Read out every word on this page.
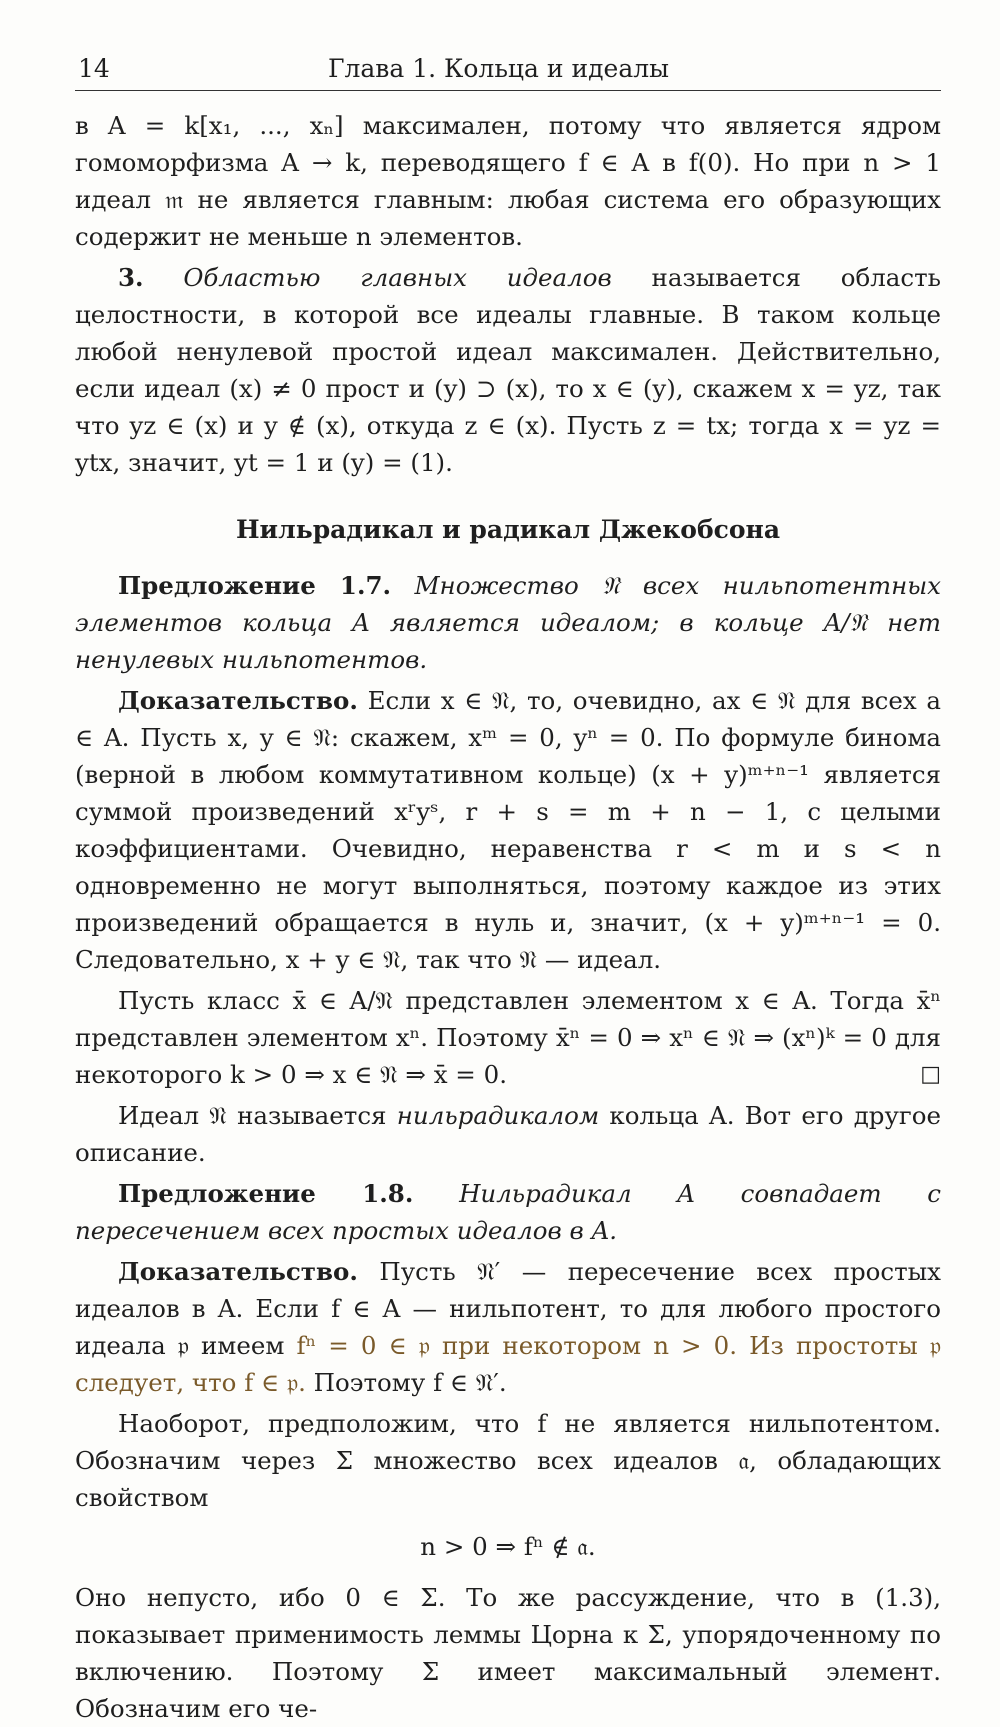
14	Глава 1. Кольца и идеалы

в A = k[x₁, ..., xₙ] максимален, потому что является ядром гомоморфизма A → k, переводящего f ∈ A в f(0). Но при n > 1 идеал 𝔪 не является главным: любая система его образующих содержит не меньше n элементов.

3. Областью главных идеалов называется область целостности, в которой все идеалы главные. В таком кольце любой ненулевой простой идеал максимален. Действительно, если идеал (x) ≠ 0 прост и (y) ⊃ (x), то x ∈ (y), скажем x = yz, так что yz ∈ (x) и y ∉ (x), откуда z ∈ (x). Пусть z = tx; тогда x = yz = ytx, значит, yt = 1 и (y) = (1).

Нильрадикал и радикал Джекобсона

Предложение 1.7. Множество 𝔑 всех нильпотентных элементов кольца A является идеалом; в кольце A/𝔑 нет ненулевых нильпотентов.

Доказательство. Если x ∈ 𝔑, то, очевидно, ax ∈ 𝔑 для всех a ∈ A. Пусть x, y ∈ 𝔑: скажем, xᵐ = 0, yⁿ = 0. По формуле бинома (верной в любом коммутативном кольце) (x + y)ᵐ⁺ⁿ⁻¹ является суммой произведений xʳyˢ, r + s = m + n − 1, с целыми коэффициентами. Очевидно, неравенства r < m и s < n одновременно не могут выполняться, поэтому каждое из этих произведений обращается в нуль и, значит, (x + y)ᵐ⁺ⁿ⁻¹ = 0. Следовательно, x + y ∈ 𝔑, так что 𝔑 — идеал.

Пусть класс x̄ ∈ A/𝔑 представлен элементом x ∈ A. Тогда x̄ⁿ представлен элементом xⁿ. Поэтому x̄ⁿ = 0 ⇒ xⁿ ∈ 𝔑 ⇒ (xⁿ)ᵏ = 0 для некоторого k > 0 ⇒ x ∈ 𝔑 ⇒ x̄ = 0.	□

Идеал 𝔑 называется нильрадикалом кольца A. Вот его другое описание.

Предложение 1.8. Нильрадикал A совпадает с пересечением всех простых идеалов в A.

Доказательство. Пусть 𝔑′ — пересечение всех простых идеалов в A. Если f ∈ A — нильпотент, то для любого простого идеала 𝔭 имеем fⁿ = 0 ∈ 𝔭 при некотором n > 0. Из простоты 𝔭 следует, что f ∈ 𝔭. Поэтому f ∈ 𝔑′.

Наоборот, предположим, что f не является нильпотентом. Обозначим через Σ множество всех идеалов 𝔞, обладающих свойством

n > 0 ⇒ fⁿ ∉ 𝔞.

Оно непусто, ибо 0 ∈ Σ. То же рассуждение, что в (1.3), показывает применимость леммы Цорна к Σ, упорядоченному по включению. Поэтому Σ имеет максимальный элемент. Обозначим его че-
